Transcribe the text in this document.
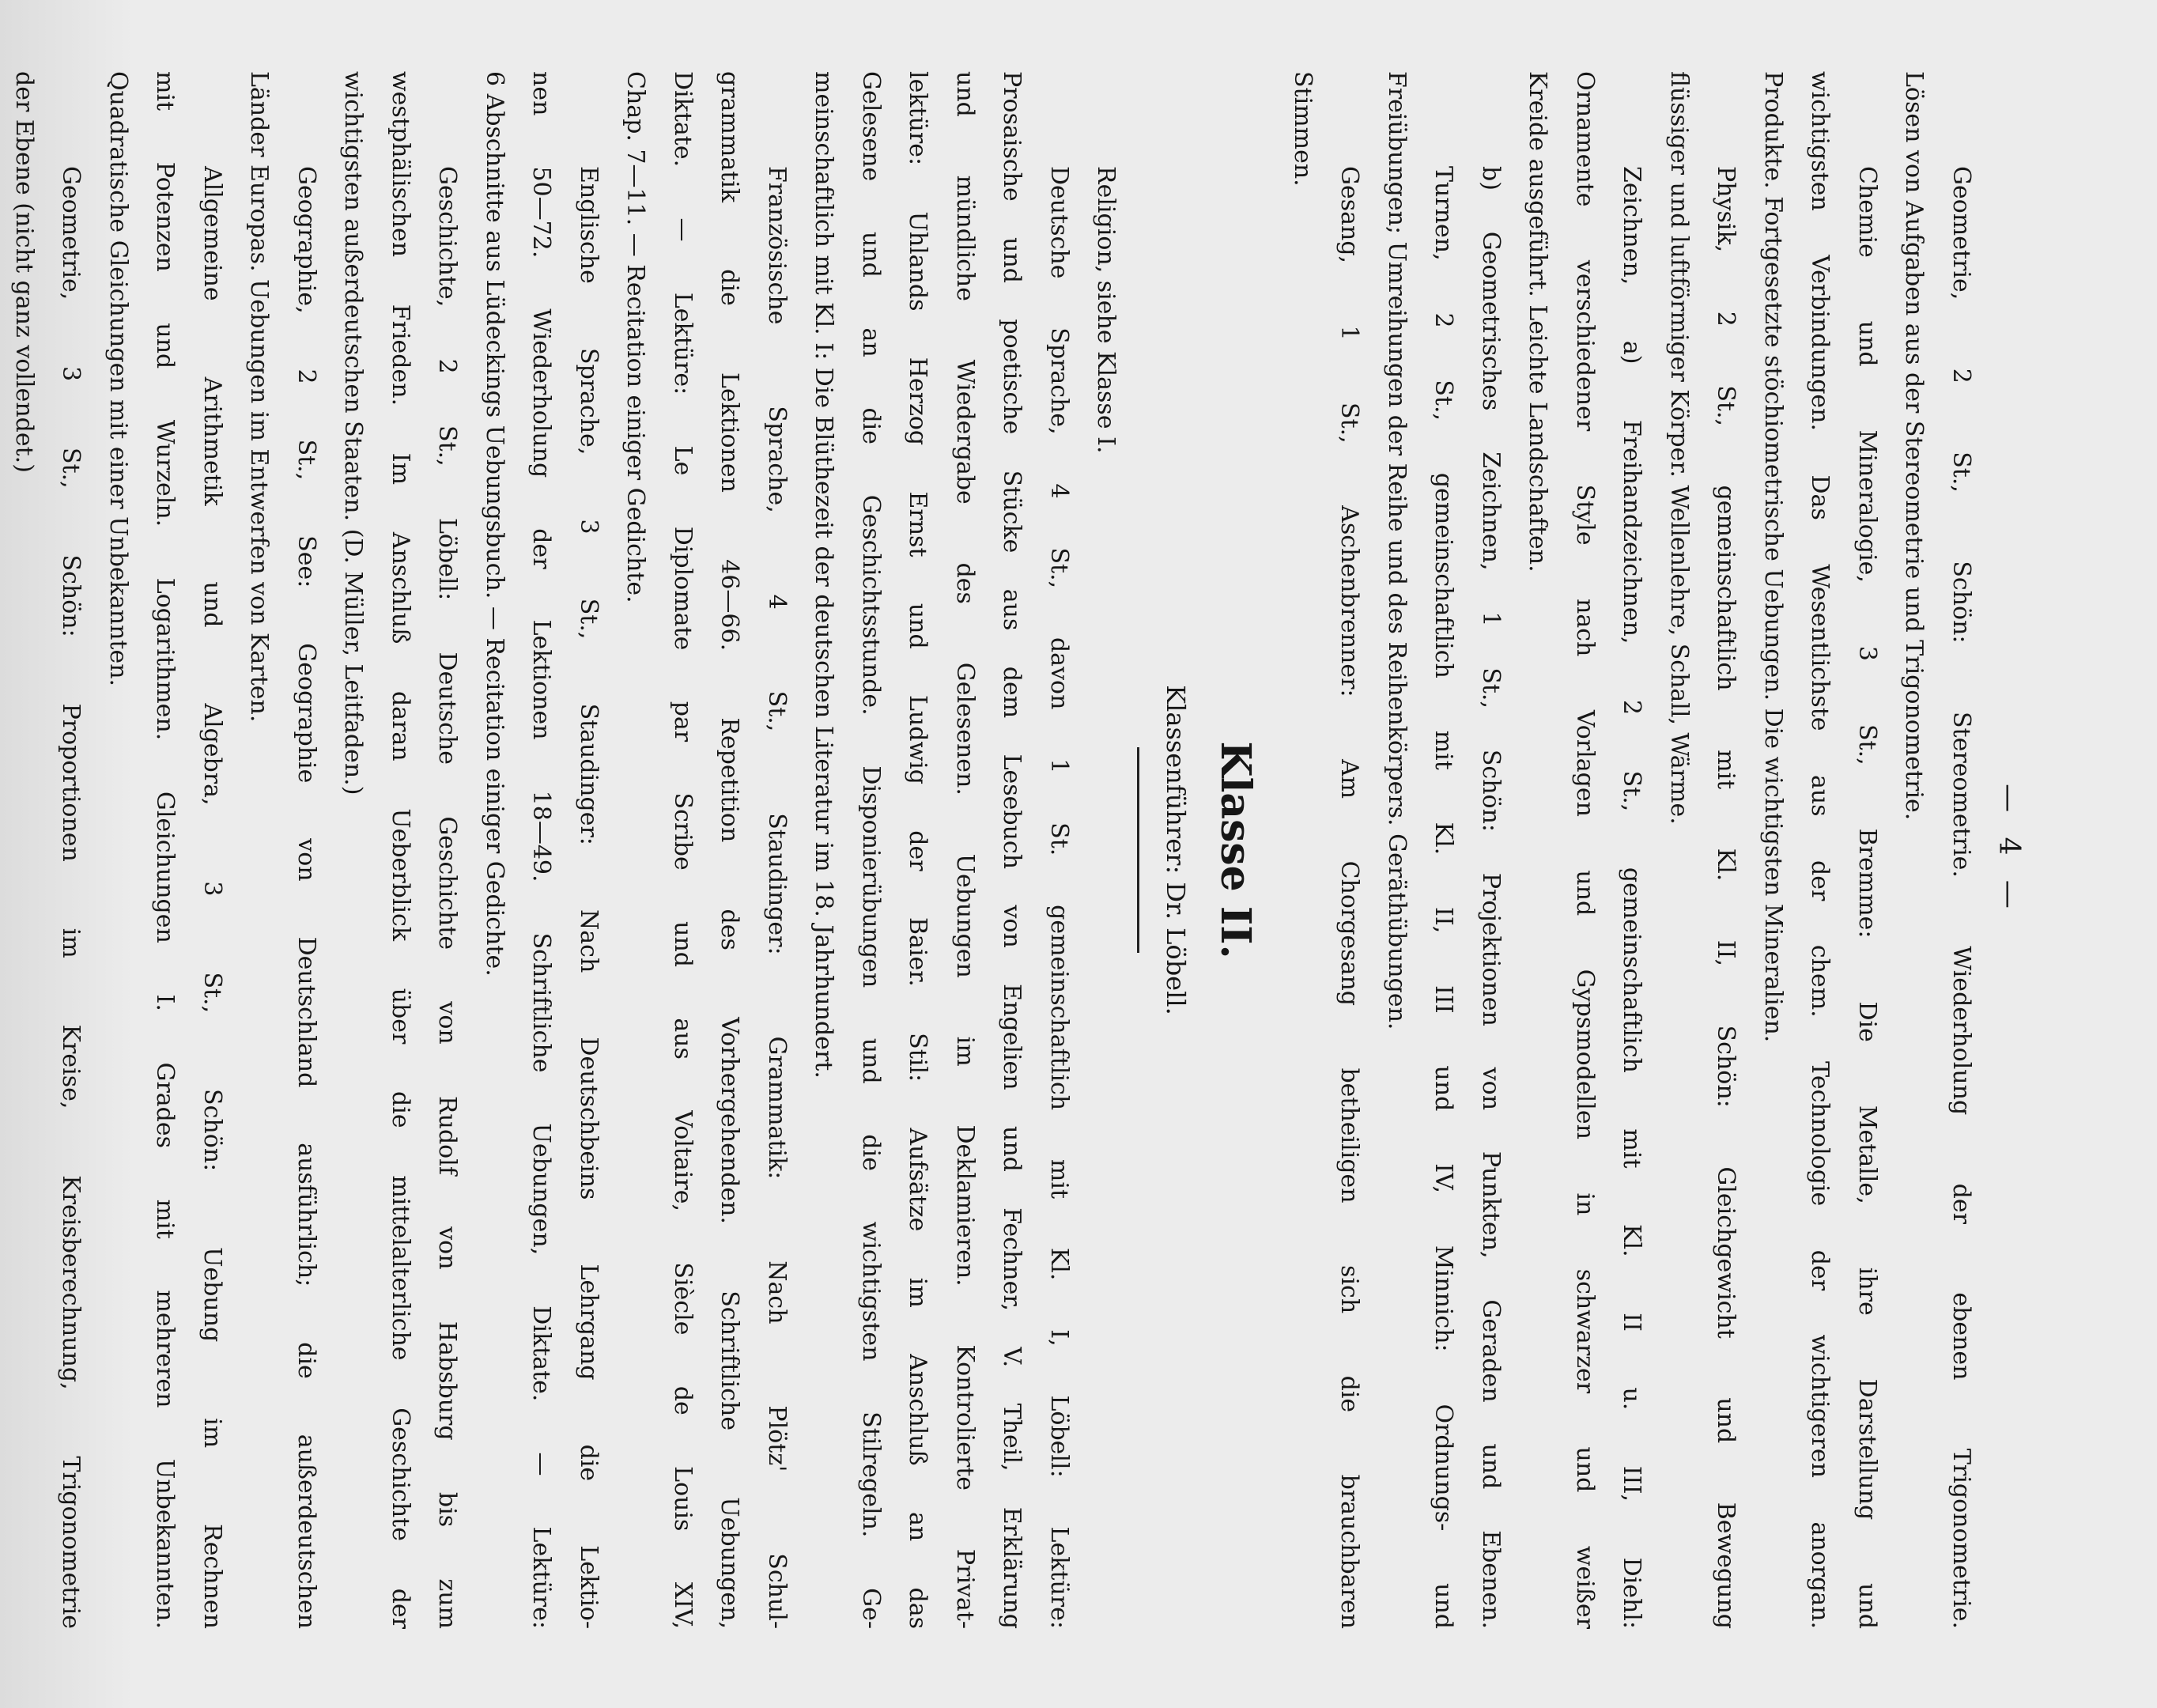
— 4 —
Geometrie, 2 St., Schön: Stereometrie. Wiederholung der ebenen Trigonometrie.
Lösen von Aufgaben aus der Stereometrie und Trigonometrie.
Chemie und Mineralogie, 3 St., Bremme: Die Metalle, ihre Darstellung und
wichtigsten Verbindungen. Das Wesentlichste aus der chem. Technologie der wichtigeren anorgan.
Produkte. Fortgesetzte stöchiometrische Uebungen. Die wichtigsten Mineralien.
Physik, 2 St., gemeinschaftlich mit Kl. II, Schön: Gleichgewicht und Bewegung
flüssiger und luftförmiger Körper. Wellenlehre, Schall, Wärme.
Zeichnen, a) Freihandzeichnen, 2 St., gemeinschaftlich mit Kl. II u. III, Diehl:
Ornamente verschiedener Style nach Vorlagen und Gypsmodellen in schwarzer und weißer
Kreide ausgeführt. Leichte Landschaften.
b) Geometrisches Zeichnen, 1 St., Schön: Projektionen von Punkten, Geraden und Ebenen.
Turnen, 2 St., gemeinschaftlich mit Kl. II, III und IV, Minnich: Ordnungs- und
Freiübungen; Umreihungen der Reihe und des Reihenkörpers. Geräthübungen.
Gesang, 1 St., Aschenbrenner: Am Chorgesang betheiligen sich die brauchbaren
Stimmen.
Klasse II.
Klassenführer: Dr. Löbell.
Religion, siehe Klasse I.
Deutsche Sprache, 4 St., davon 1 St. gemeinschaftlich mit Kl. I, Löbell: Lektüre:
Prosaische und poetische Stücke aus dem Lesebuch von Engelien und Fechner, V. Theil, Erklärung
und mündliche Wiedergabe des Gelesenen. Uebungen im Deklamieren. Kontrolierte Privat-
lektüre: Uhlands Herzog Ernst und Ludwig der Baier. Stil: Aufsätze im Anschluß an das
Gelesene und an die Geschichtsstunde. Disponierübungen und die wichtigsten Stilregeln. Ge-
meinschaftlich mit Kl. I: Die Blüthezeit der deutschen Literatur im 18. Jahrhundert.
Französische Sprache, 4 St., Staudinger: Grammatik: Nach Plötz' Schul-
grammatik die Lektionen 46—66. Repetition des Vorhergehenden. Schriftliche Uebungen,
Diktate. — Lektüre: Le Diplomate par Scribe und aus Voltaire, Siècle de Louis XIV,
Chap. 7—11. — Recitation einiger Gedichte.
Englische Sprache, 3 St., Staudinger: Nach Deutschbeins Lehrgang die Lektio-
nen 50—72. Wiederholung der Lektionen 18—49. Schriftliche Uebungen, Diktate. — Lektüre:
6 Abschnitte aus Lüdeckings Uebungsbuch. — Recitation einiger Gedichte.
Geschichte, 2 St., Löbell: Deutsche Geschichte von Rudolf von Habsburg bis zum
westphälischen Frieden. Im Anschluß daran Ueberblick über die mittelalterliche Geschichte der
wichtigsten außerdeutschen Staaten. (D. Müller, Leitfaden.)
Geographie, 2 St., See: Geographie von Deutschland ausführlich; die außerdeutschen
Länder Europas. Uebungen im Entwerfen von Karten.
Allgemeine Arithmetik und Algebra, 3 St., Schön: Uebung im Rechnen
mit Potenzen und Wurzeln. Logarithmen. Gleichungen I. Grades mit mehreren Unbekannten.
Quadratische Gleichungen mit einer Unbekannten.
Geometrie, 3 St., Schön: Proportionen im Kreise, Kreisberechnung, Trigonometrie
der Ebene (nicht ganz vollendet.)
